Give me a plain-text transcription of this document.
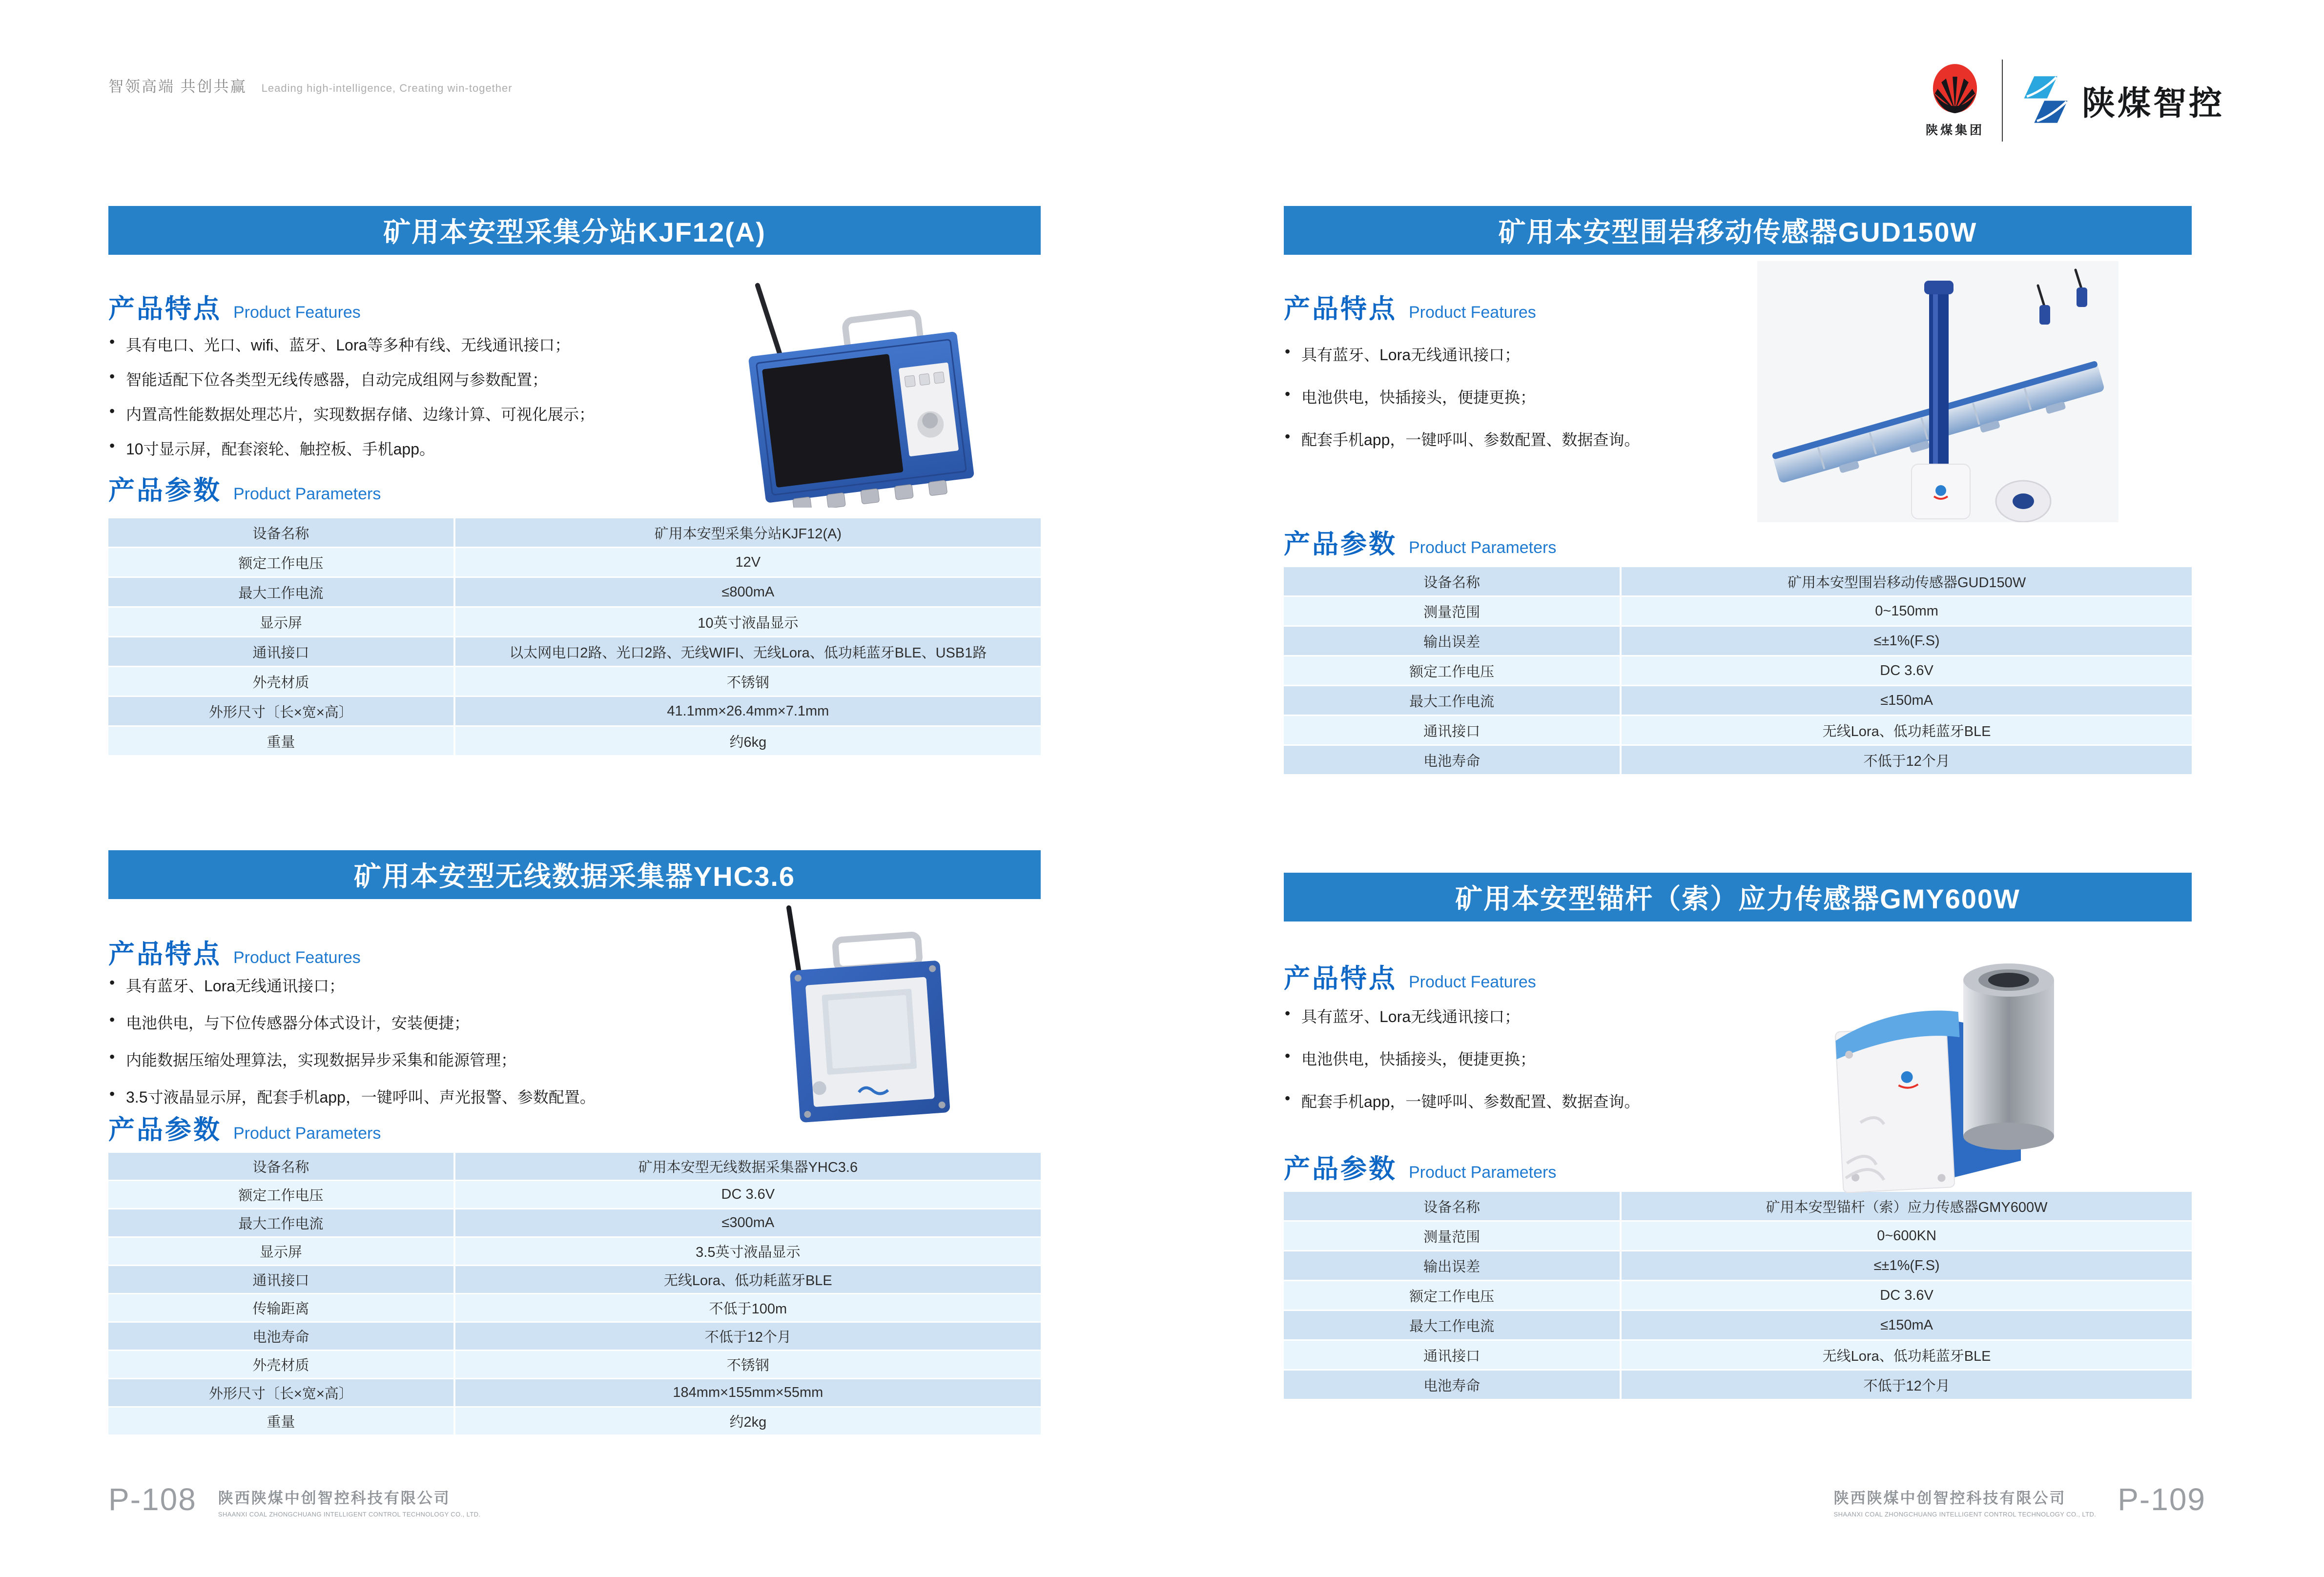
智领高端 共创共赢 Leading high-intelligence, Creating win-together
陕煤集团
陕煤智控
矿用本安型采集分站KJF12(A)
产品特点 Product Features
• 具有电口、光口、wifi、蓝牙、Lora等多种有线、无线通讯接口；
• 智能适配下位各类型无线传感器，自动完成组网与参数配置；
• 内置高性能数据处理芯片，实现数据存储、边缘计算、可视化展示；
• 10寸显示屏，配套滚轮、触控板、手机app。
产品参数 Product Parameters
设备名称	矿用本安型采集分站KJF12(A)
额定工作电压	12V
最大工作电流	≤800mA
显示屏	10英寸液晶显示
通讯接口	以太网电口2路、光口2路、无线WIFI、无线Lora、低功耗蓝牙BLE、USB1路
外壳材质	不锈钢
外形尺寸〔长×宽×高〕	41.1mm×26.4mm×7.1mm
重量	约6kg
矿用本安型无线数据采集器YHC3.6
产品特点 Product Features
• 具有蓝牙、Lora无线通讯接口；
• 电池供电，与下位传感器分体式设计，安装便捷；
• 内能数据压缩处理算法，实现数据异步采集和能源管理；
• 3.5寸液晶显示屏，配套手机app，一键呼叫、声光报警、参数配置。
产品参数 Product Parameters
设备名称	矿用本安型无线数据采集器YHC3.6
额定工作电压	DC 3.6V
最大工作电流	≤300mA
显示屏	3.5英寸液晶显示
通讯接口	无线Lora、低功耗蓝牙BLE
传输距离	不低于100m
电池寿命	不低于12个月
外壳材质	不锈钢
外形尺寸〔长×宽×高〕	184mm×155mm×55mm
重量	约2kg
矿用本安型围岩移动传感器GUD150W
产品特点 Product Features
• 具有蓝牙、Lora无线通讯接口；
• 电池供电，快插接头，便捷更换；
• 配套手机app，一键呼叫、参数配置、数据查询。
产品参数 Product Parameters
设备名称	矿用本安型围岩移动传感器GUD150W
测量范围	0~150mm
输出误差	≤±1%(F.S)
额定工作电压	DC 3.6V
最大工作电流	≤150mA
通讯接口	无线Lora、低功耗蓝牙BLE
电池寿命	不低于12个月
矿用本安型锚杆（索）应力传感器GMY600W
产品特点 Product Features
• 具有蓝牙、Lora无线通讯接口；
• 电池供电，快插接头，便捷更换；
• 配套手机app，一键呼叫、参数配置、数据查询。
产品参数 Product Parameters
设备名称	矿用本安型锚杆（索）应力传感器GMY600W
测量范围	0~600KN
输出误差	≤±1%(F.S)
额定工作电压	DC 3.6V
最大工作电流	≤150mA
通讯接口	无线Lora、低功耗蓝牙BLE
电池寿命	不低于12个月
P-108 陕西陕煤中创智控科技有限公司
SHAANXI COAL ZHONGCHUANG INTELLIGENT CONTROL TECHNOLOGY CO., LTD.
陕西陕煤中创智控科技有限公司
SHAANXI COAL ZHONGCHUANG INTELLIGENT CONTROL TECHNOLOGY CO., LTD. P-109
